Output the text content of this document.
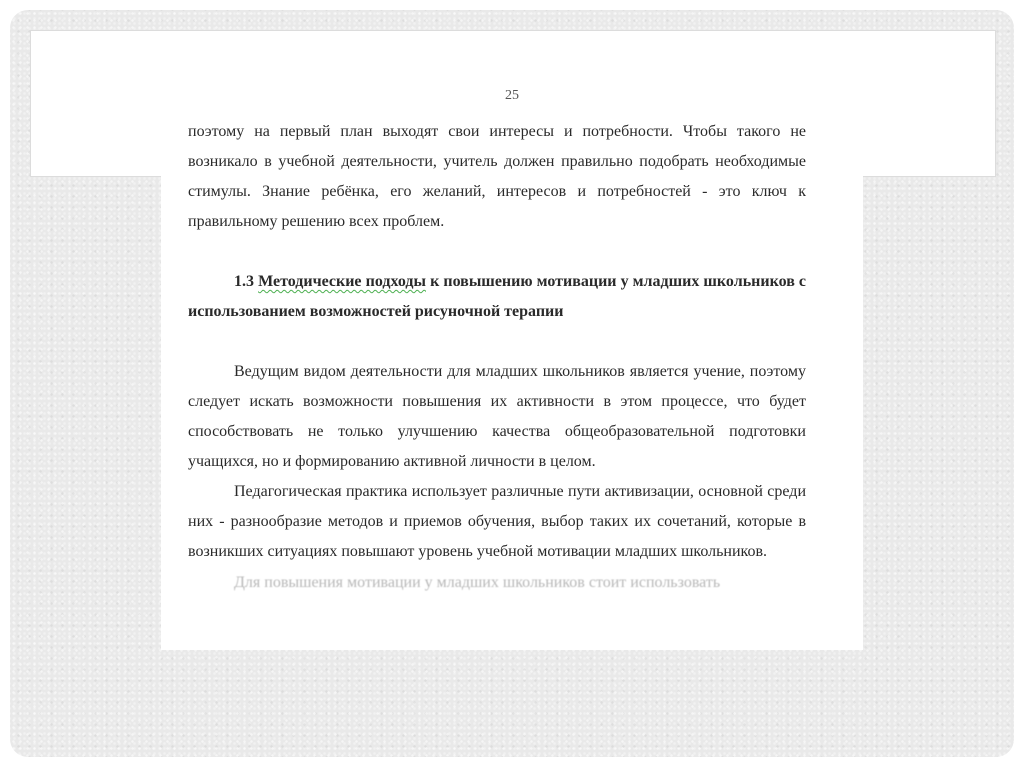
25

поэтому на первый план выходят свои интересы и потребности. Чтобы такого не возникало в учебной деятельности, учитель должен правильно подобрать необходимые стимулы. Знание ребёнка, его желаний, интересов и потребностей - это ключ к правильному решению всех проблем.

1.3 Методические подходы к повышению мотивации у младших школьников с использованием возможностей рисуночной терапии

Ведущим видом деятельности для младших школьников является учение, поэтому следует искать возможности повышения их активности в этом процессе, что будет способствовать не только улучшению качества общеобразовательной подготовки учащихся, но и формированию активной личности в целом.

Педагогическая практика использует различные пути активизации, основной среди них - разнообразие методов и приемов обучения, выбор таких их сочетаний, которые в возникших ситуациях повышают уровень учебной мотивации младших школьников.

Для повышения мотивации у младших школьников стоит использовать
